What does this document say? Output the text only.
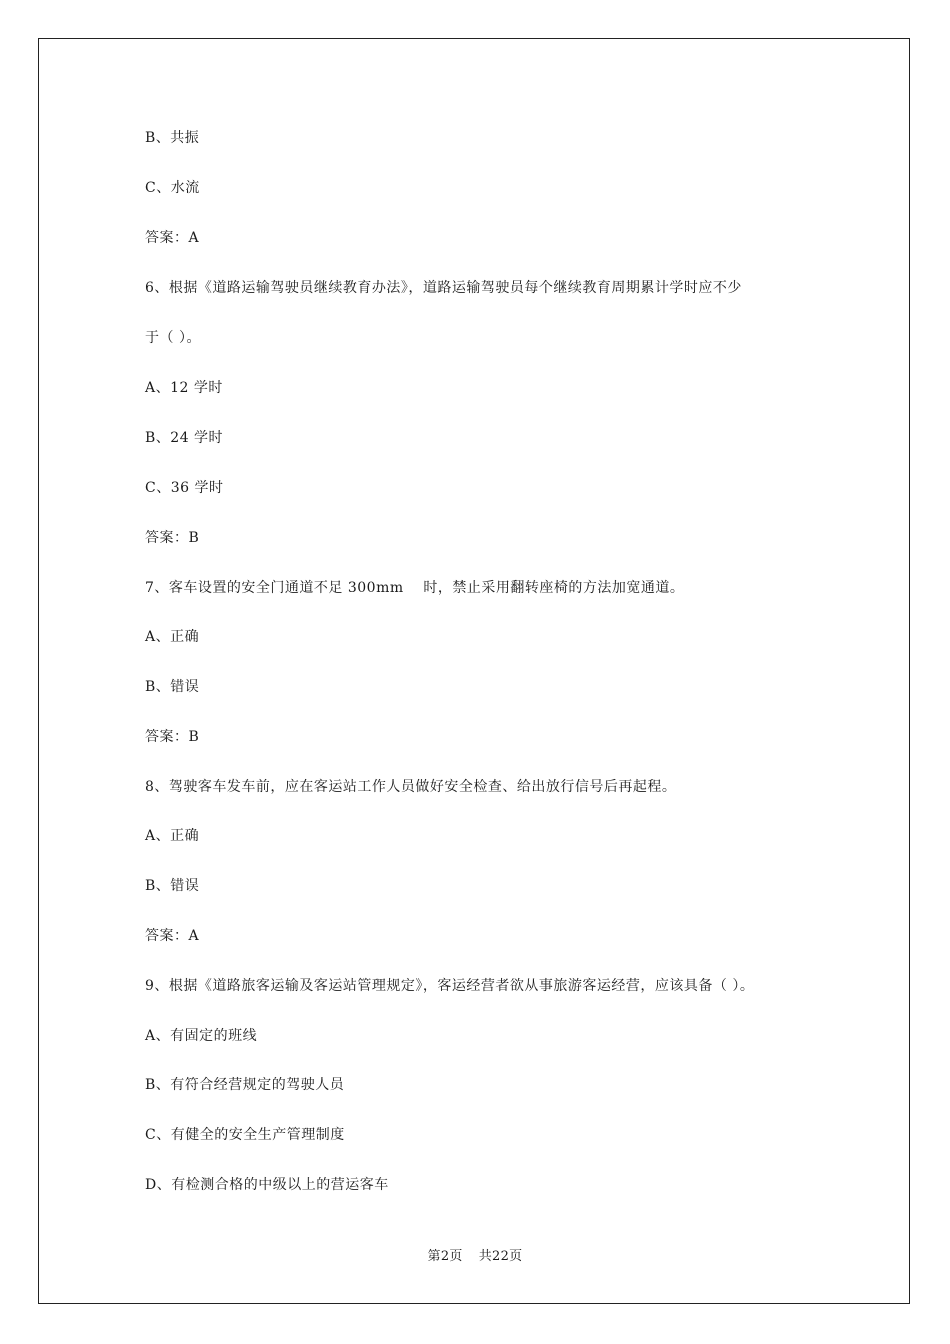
B、共振
C、水流
答案：A
6、根据《道路运输驾驶员继续教育办法》，道路运输驾驶员每个继续教育周期累计学时应不少
于（ ）。
A、12 学时
B、24 学时
C、36 学时
答案：B
7、客车设置的安全门通道不足 300mm    时，禁止采用翻转座椅的方法加宽通道。
A、正确
B、错误
答案：B
8、驾驶客车发车前，应在客运站工作人员做好安全检查、给出放行信号后再起程。
A、正确
B、错误
答案：A
9、根据《道路旅客运输及客运站管理规定》，客运经营者欲从事旅游客运经营，应该具备（ ）。
A、有固定的班线
B、有符合经营规定的驾驶人员
C、有健全的安全生产管理制度
D、有检测合格的中级以上的营运客车
第2页 共22页
